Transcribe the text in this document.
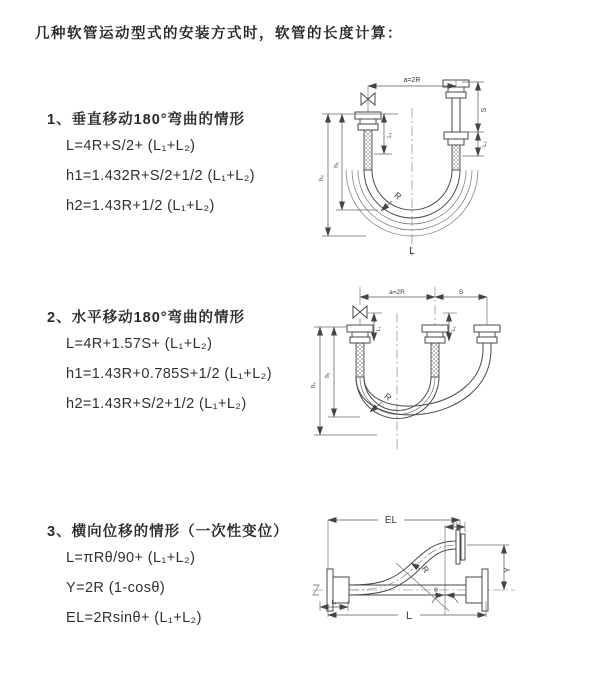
几种软管运动型式的安装方式时，软管的长度计算：
1、垂直移动180°弯曲的情形
L=4R+S/2+ (L₁+L₂)
h1=1.432R+S/2+1/2 (L₁+L₂)
h2=1.43R+1/2 (L₁+L₂)
a=2R
S
L₂
h₁
h₂
L₁
R
L
2、水平移动180°弯曲的情形
L=4R+1.57S+ (L₁+L₂)
h1=1.43R+0.785S+1/2 (L₁+L₂)
h2=1.43R+S/2+1/2 (L₁+L₂)
a=2R	S
h₁
h₂
L₁	L₂
R
3、横向位移的情形（一次性变位）
L=πRθ/90+ (L₁+L₂)
Y=2R (1-cosθ)
EL=2Rsinθ+ (L₁+L₂)
θ
EL	L₁
Y
L
L₁
R
